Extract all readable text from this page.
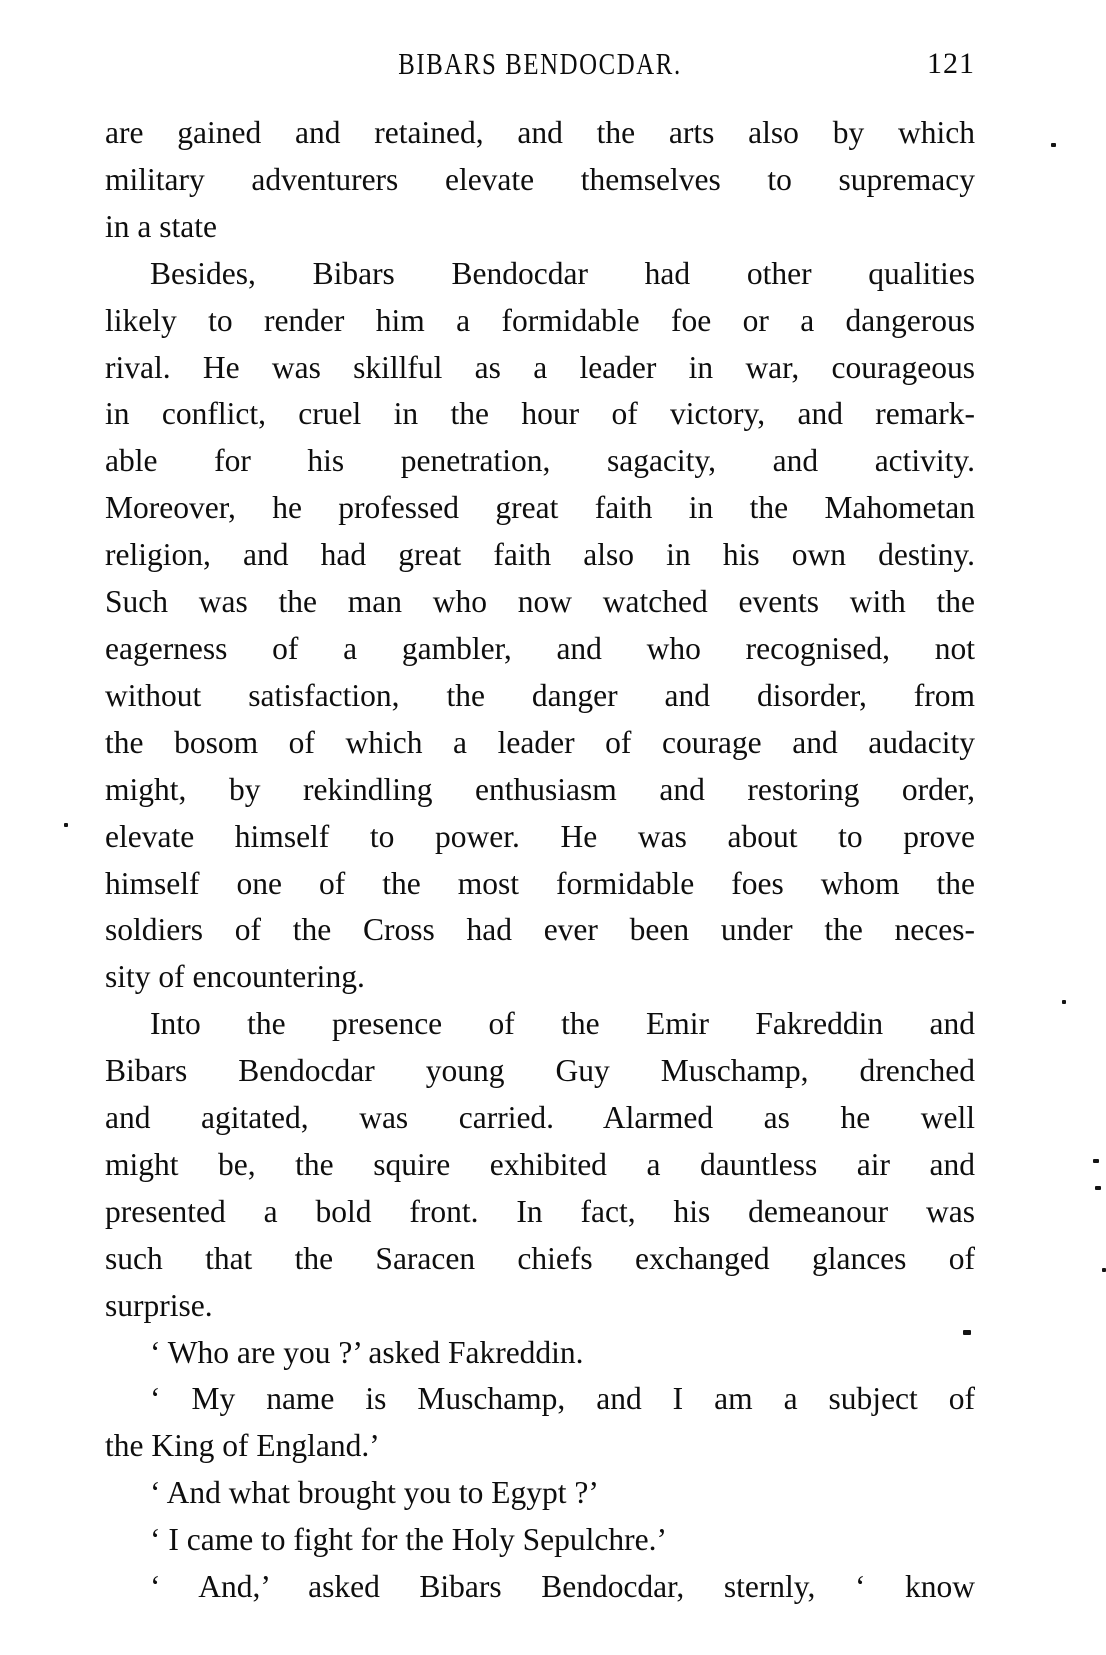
BIBARS BENDOCDAR.	121
are gained and retained, and the arts also by which
military adventurers elevate themselves to supremacy
in a state
Besides, Bibars Bendocdar had other qualities
likely to render him a formidable foe or a dangerous
rival. He was skillful as a leader in war, courageous
in conflict, cruel in the hour of victory, and remark-
able for his penetration, sagacity, and activity.
Moreover, he professed great faith in the Mahometan
religion, and had great faith also in his own destiny.
Such was the man who now watched events with the
eagerness of a gambler, and who recognised, not
without satisfaction, the danger and disorder, from
the bosom of which a leader of courage and audacity
might, by rekindling enthusiasm and restoring order,
elevate himself to power. He was about to prove
himself one of the most formidable foes whom the
soldiers of the Cross had ever been under the neces-
sity of encountering.
Into the presence of the Emir Fakreddin and
Bibars Bendocdar young Guy Muschamp, drenched
and agitated, was carried. Alarmed as he well
might be, the squire exhibited a dauntless air and
presented a bold front. In fact, his demeanour was
such that the Saracen chiefs exchanged glances of
surprise.
‘ Who are you ?’ asked Fakreddin.
‘ My name is Muschamp, and I am a subject of
the King of England.’
‘ And what brought you to Egypt ?’
‘ I came to fight for the Holy Sepulchre.’
‘ And,’ asked Bibars Bendocdar, sternly, ‘ know
